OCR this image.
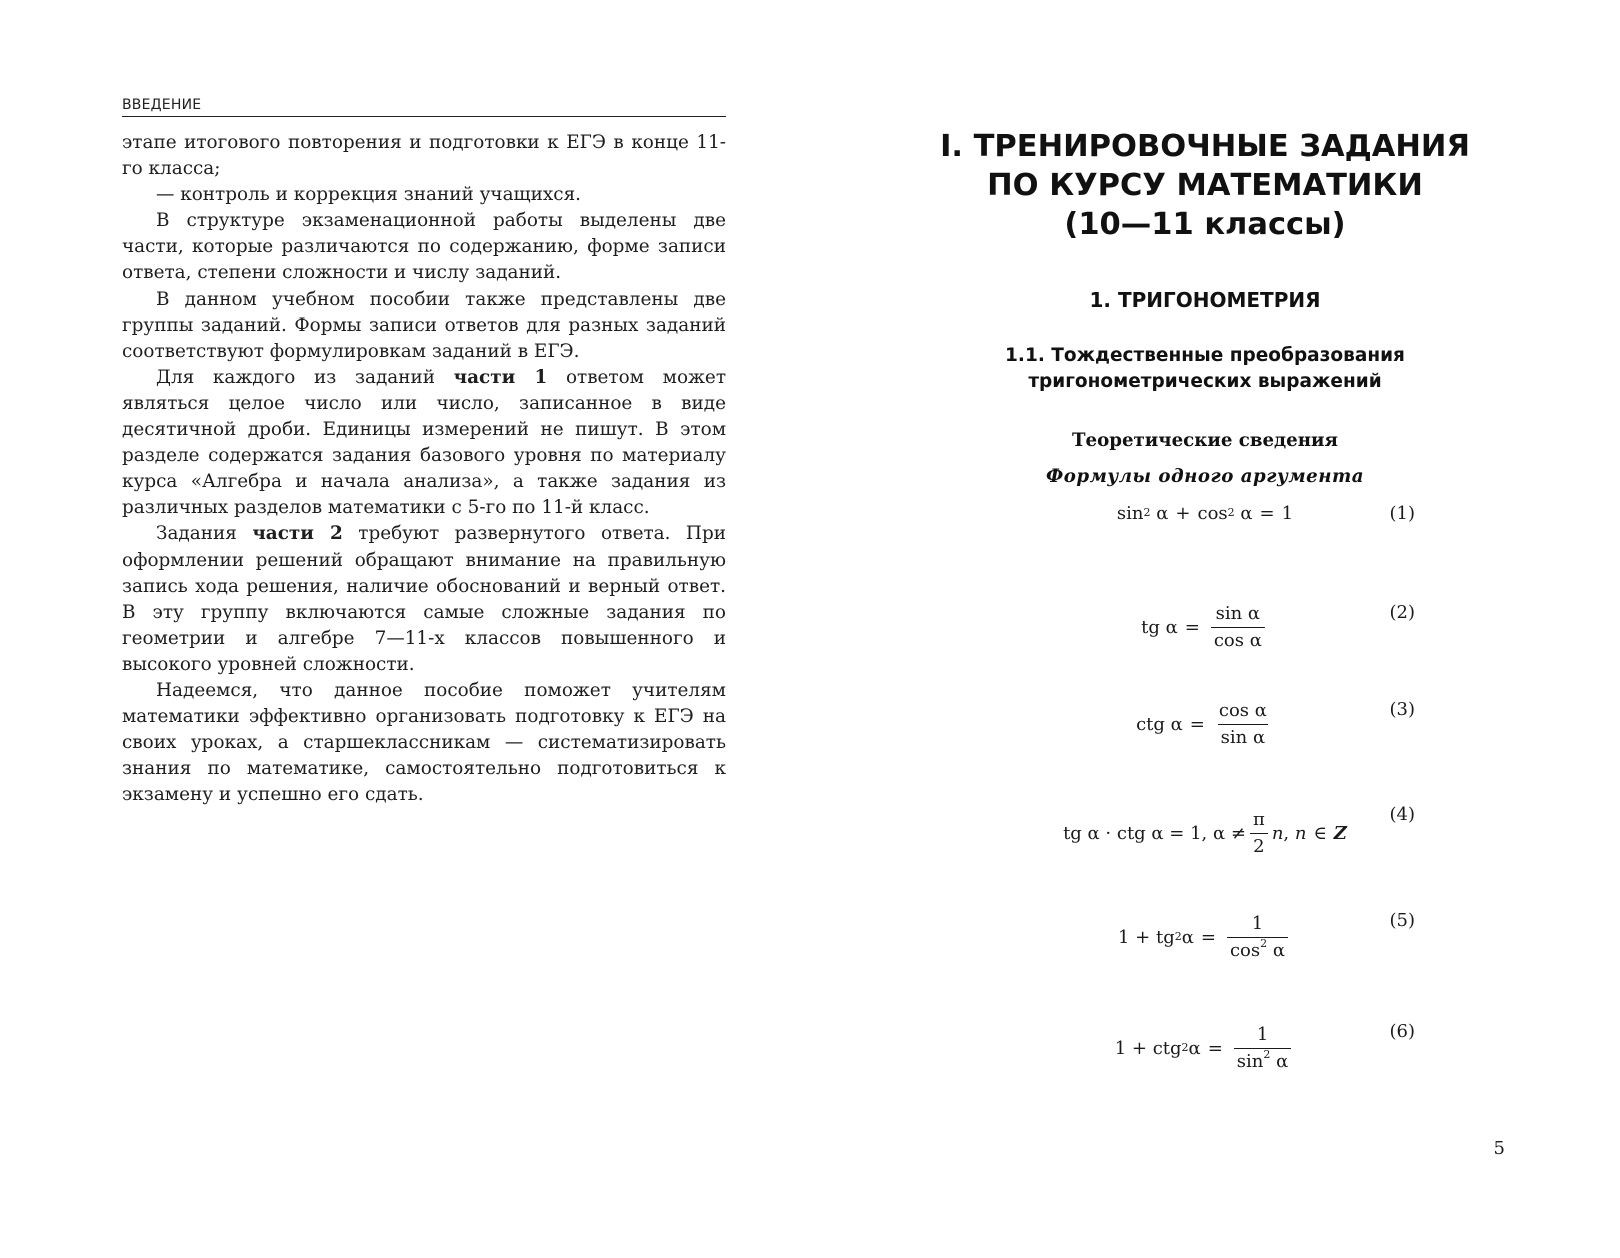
ВВЕДЕНИЕ

этапе итогового повторения и подготовки к ЕГЭ в конце 11-го класса;

— контроль и коррекция знаний учащихся.

В структуре экзаменационной работы выделены две части, которые различаются по содержанию, форме записи ответа, степени сложности и числу заданий.

В данном учебном пособии также представлены две группы заданий. Формы записи ответов для разных заданий соответствуют формулировкам заданий в ЕГЭ.

Для каждого из заданий части 1 ответом может являться целое число или число, записанное в виде десятичной дроби. Единицы измерений не пишут. В этом разделе содержатся задания базового уровня по материалу курса «Алгебра и начала анализа», а также задания из различных разделов математики с 5-го по 11-й класс.

Задания части 2 требуют развернутого ответа. При оформлении решений обращают внимание на правильную запись хода решения, наличие обоснований и верный ответ. В эту группу включаются самые сложные задания по геометрии и алгебре 7—11-х классов повышенного и высокого уровней сложности.

Надеемся, что данное пособие поможет учителям математики эффективно организовать подготовку к ЕГЭ на своих уроках, а старшеклассникам — систематизировать знания по математике, самостоятельно подготовиться к экзамену и успешно его сдать.

I. ТРЕНИРОВОЧНЫЕ ЗАДАНИЯ
ПО КУРСУ МАТЕМАТИКИ
(10—11 классы)
1. ТРИГОНОМЕТРИЯ
1.1. Тождественные преобразования
тригонометрических выражений
Теоретические сведения
Формулы одного аргумента
sin 2
α + cos 2
α = 1	(1)
tg $\alpha = \frac{\text{sin α}}{\text{cos α}}$	(2)
ctg $\alpha = \frac{\text{cos α}}{\text{sin α}}$	(3)
tg α · ctg α = 1, $\alpha \ne \frac{\pi}{2}$ n ,
n ∈ Z
(4)
1 + tg 2 $\alpha = \frac{1}{\cos^2 \alpha}$	(5)
1 + ctg 2 $\alpha = \frac{1}{\sin^2 \alpha}$	(6)
5
